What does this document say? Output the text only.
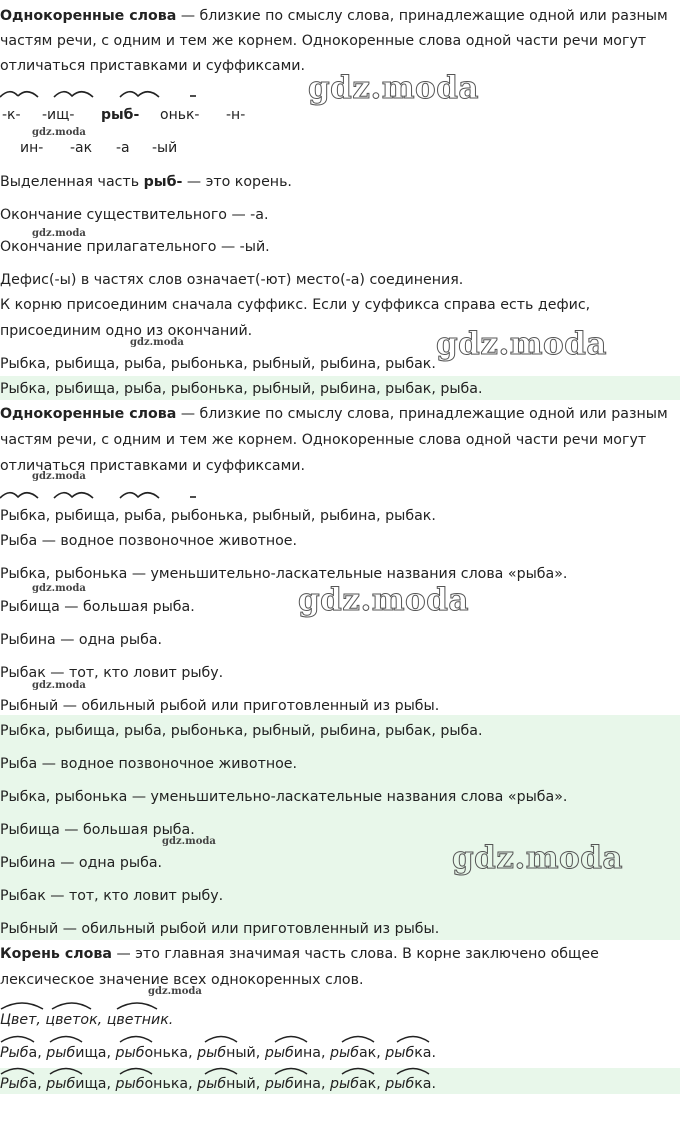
Однокоренные слова — близкие по смыслу слова, принадлежащие одной или разным
частям речи, с одним и тем же корнем. Однокоренные слова одной части речи могут
отличаться приставками и суффиксами.
-к- -ищ- рыб- оньк- -н-
ин- -ак -а -ый
Выделенная часть рыб- — это корень.
Окончание существительного — -а.
Окончание прилагательного — -ый.
Дефис(-ы) в частях слов означает(-ют) место(-а) соединения.
К корню присоединим сначала суффикс. Если у суффикса справа есть дефис,
присоединим одно из окончаний.
Рыбка, рыбища, рыба, рыбонька, рыбный, рыбина, рыбак.
Рыбка, рыбища, рыба, рыбонька, рыбный, рыбина, рыбак, рыба.
Однокоренные слова — близкие по смыслу слова, принадлежащие одной или разным
частям речи, с одним и тем же корнем. Однокоренные слова одной части речи могут
отличаться приставками и суффиксами.
Рыбка, рыбища, рыба, рыбонька, рыбный, рыбина, рыбак.
Рыба — водное позвоночное животное.
Рыбка, рыбонька — уменьшительно-ласкательные названия слова «рыба».
Рыбища — большая рыба.
Рыбина — одна рыба.
Рыбак — тот, кто ловит рыбу.
Рыбный — обильный рыбой или приготовленный из рыбы.
Рыбка, рыбища, рыба, рыбонька, рыбный, рыбина, рыбак, рыба.
Рыба — водное позвоночное животное.
Рыбка, рыбонька — уменьшительно-ласкательные названия слова «рыба».
Рыбища — большая рыба.
Рыбина — одна рыба.
Рыбак — тот, кто ловит рыбу.
Рыбный — обильный рыбой или приготовленный из рыбы.
Корень слова — это главная значимая часть слова. В корне заключено общее
лексическое значение всех однокоренных слов.
Цвет, цветок, цветник.
Рыба, рыбища, рыбонька, рыбный, рыбина, рыбак, рыбка.
Рыба, рыбища, рыбонька, рыбный, рыбина, рыбак, рыбка.
gdz.moda
gdz.moda
gdz.moda
gdz.moda
gdz.moda
gdz.moda
gdz.moda
gdz.moda
gdz.moda
gdz.moda
gdz.moda
gdz.moda
